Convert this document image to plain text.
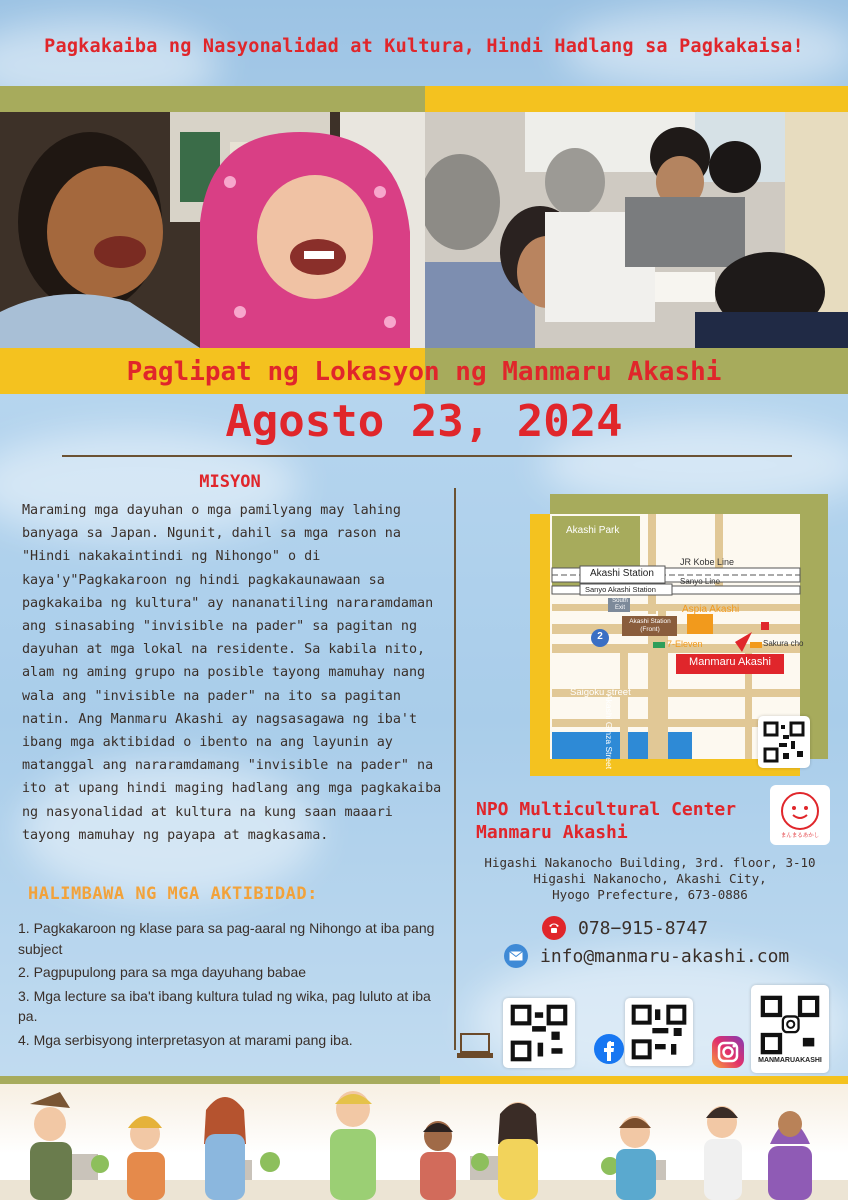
Pagkakaiba ng Nasyonalidad at Kultura, Hindi Hadlang sa Pagkakaisa!
Paglipat ng Lokasyon ng Manmaru Akashi
Agosto 23, 2024
MISYON
Maraming mga dayuhan o mga pamilyang may lahing banyaga sa Japan. Ngunit, dahil sa mga rason na "Hindi nakakaintindi ng Nihongo" o di kaya'y"Pagkakaroon ng hindi pagkakaunawaan sa pagkakaiba ng kultura" ay nananatiling nararamdaman ang sinasabing "invisible na pader" sa pagitan ng dayuhan at mga lokal na residente. Sa kabila nito, alam ng aming grupo na posible tayong mamuhay nang wala ang "invisible na pader" na ito sa pagitan natin. Ang Manmaru Akashi ay nagsasagawa ng iba't ibang mga aktibidad o ibento na ang layunin ay matanggal ang nararamdamang "invisible na pader" na ito at upang hindi maging hadlang ang mga pagkakaiba ng nasyonalidad at kultura na kung saan maaari tayong mamuhay ng payapa at magkasama.
HALIMBAWA NG MGA AKTIBIDAD:
1. Pagkakaroon ng klase para sa pag-aaral ng Nihongo at iba pang subject
2. Pagpupulong para sa mga dayuhang babae
3. Mga lecture sa iba't ibang kultura tulad ng wika, pag luluto at iba pa.
4. Mga serbisyong interpretasyon at marami pang iba.
Akashi Park
JR Kobe Line
Akashi Station
Sanyo Line
Sanyo Akashi Station
South Exit	Aspia Akashi
Akashi Station (Front)
7-Eleven	Sakura cho
Manmaru Akashi
Saigoku street
Akashi Ginza Street
2
NPO Multicultural Center
Manmaru Akashi	まんまるあかし
Higashi Nakanocho Building, 3rd. floor, 3-10
Higashi Nakanocho, Akashi City,
Hyogo Prefecture, 673-0886
078−915-8747
info@manmaru-akashi.com
MANMARUAKASHI
